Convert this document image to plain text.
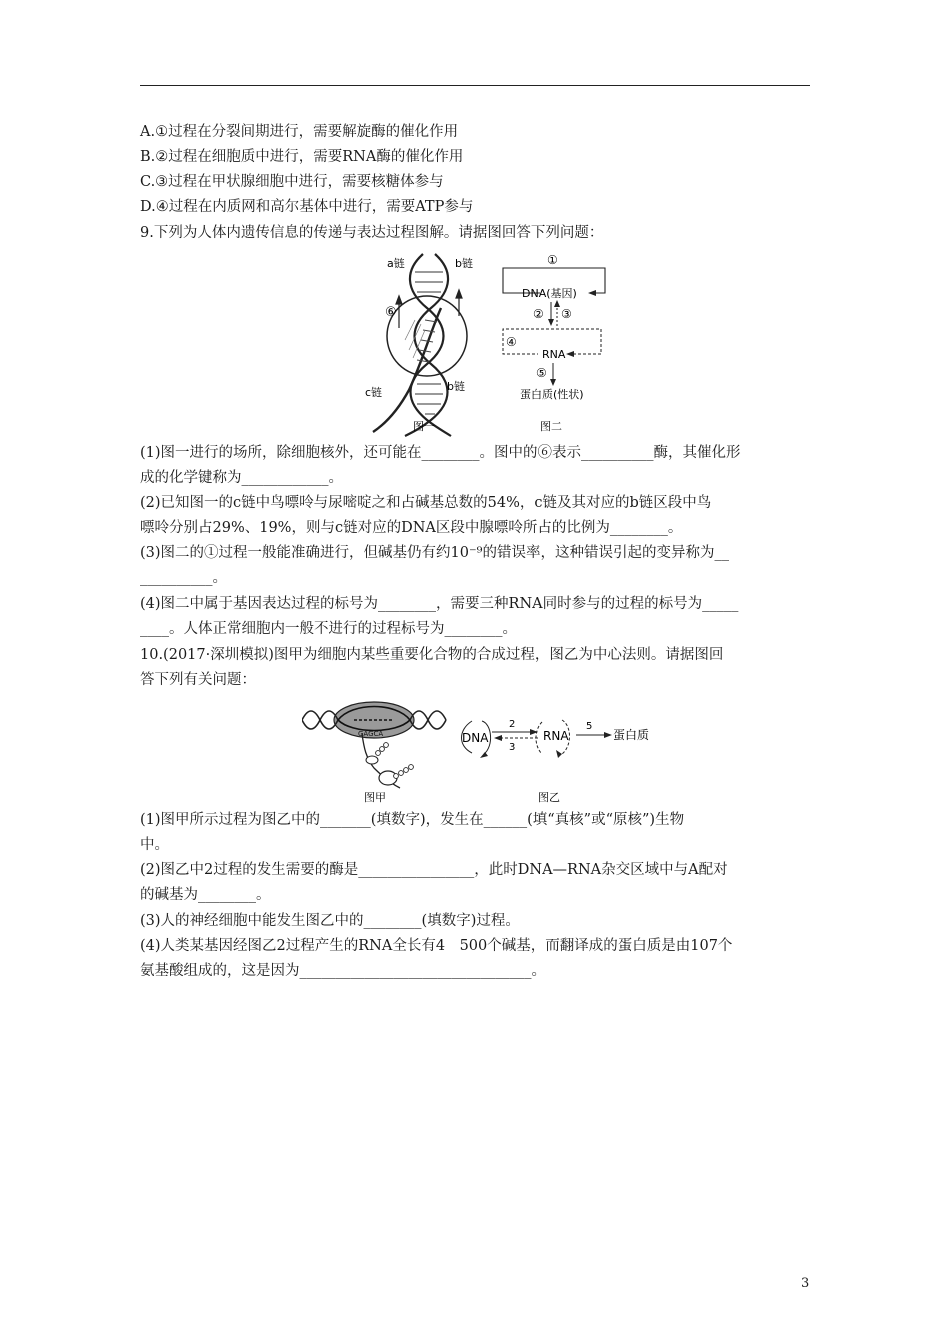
A.①过程在分裂间期进行，需要解旋酶的催化作用
B.②过程在细胞质中进行，需要RNA酶的催化作用
C.③过程在甲状腺细胞中进行，需要核糖体参与
D.④过程在内质网和高尔基体中进行，需要ATP参与
9.下列为人体内遗传信息的传递与表达过程图解。请据图回答下列问题：
a链	b链
⑥
c链	b链
图一
①
DNA(基因)
② ③
④
RNA
⑤
蛋白质(性状)
图二
(1)图一进行的场所，除细胞核外，还可能在________。图中的⑥表示__________酶，其催化形
成的化学键称为____________。
(2)已知图一的c链中鸟嘌呤与尿嘧啶之和占碱基总数的54%，c链及其对应的b链区段中鸟
嘌呤分别占29%、19%，则与c链对应的DNA区段中腺嘌呤所占的比例为________。
(3)图二的①过程一般能准确进行，但碱基仍有约10⁻⁹的错误率，这种错误引起的变异称为__
__________。
(4)图二中属于基因表达过程的标号为________，需要三种RNA同时参与的过程的标号为_____
____。人体正常细胞内一般不进行的过程标号为________。
10.(2017·深圳模拟)图甲为细胞内某些重要化合物的合成过程，图乙为中心法则。请据图回
答下列有关问题：
GAGCA
图甲
DNA
2
3
RNA
5
蛋白质
图乙
(1)图甲所示过程为图乙中的_______(填数字)，发生在______(填“真核”或“原核”)生物
中。
(2)图乙中2过程的发生需要的酶是________________，此时DNA—RNA杂交区域中与A配对
的碱基为________。
(3)人的神经细胞中能发生图乙中的________(填数字)过程。
(4)人类某基因经图乙2过程产生的RNA全长有4　500个碱基，而翻译成的蛋白质是由107个
氨基酸组成的，这是因为________________________________。
3
